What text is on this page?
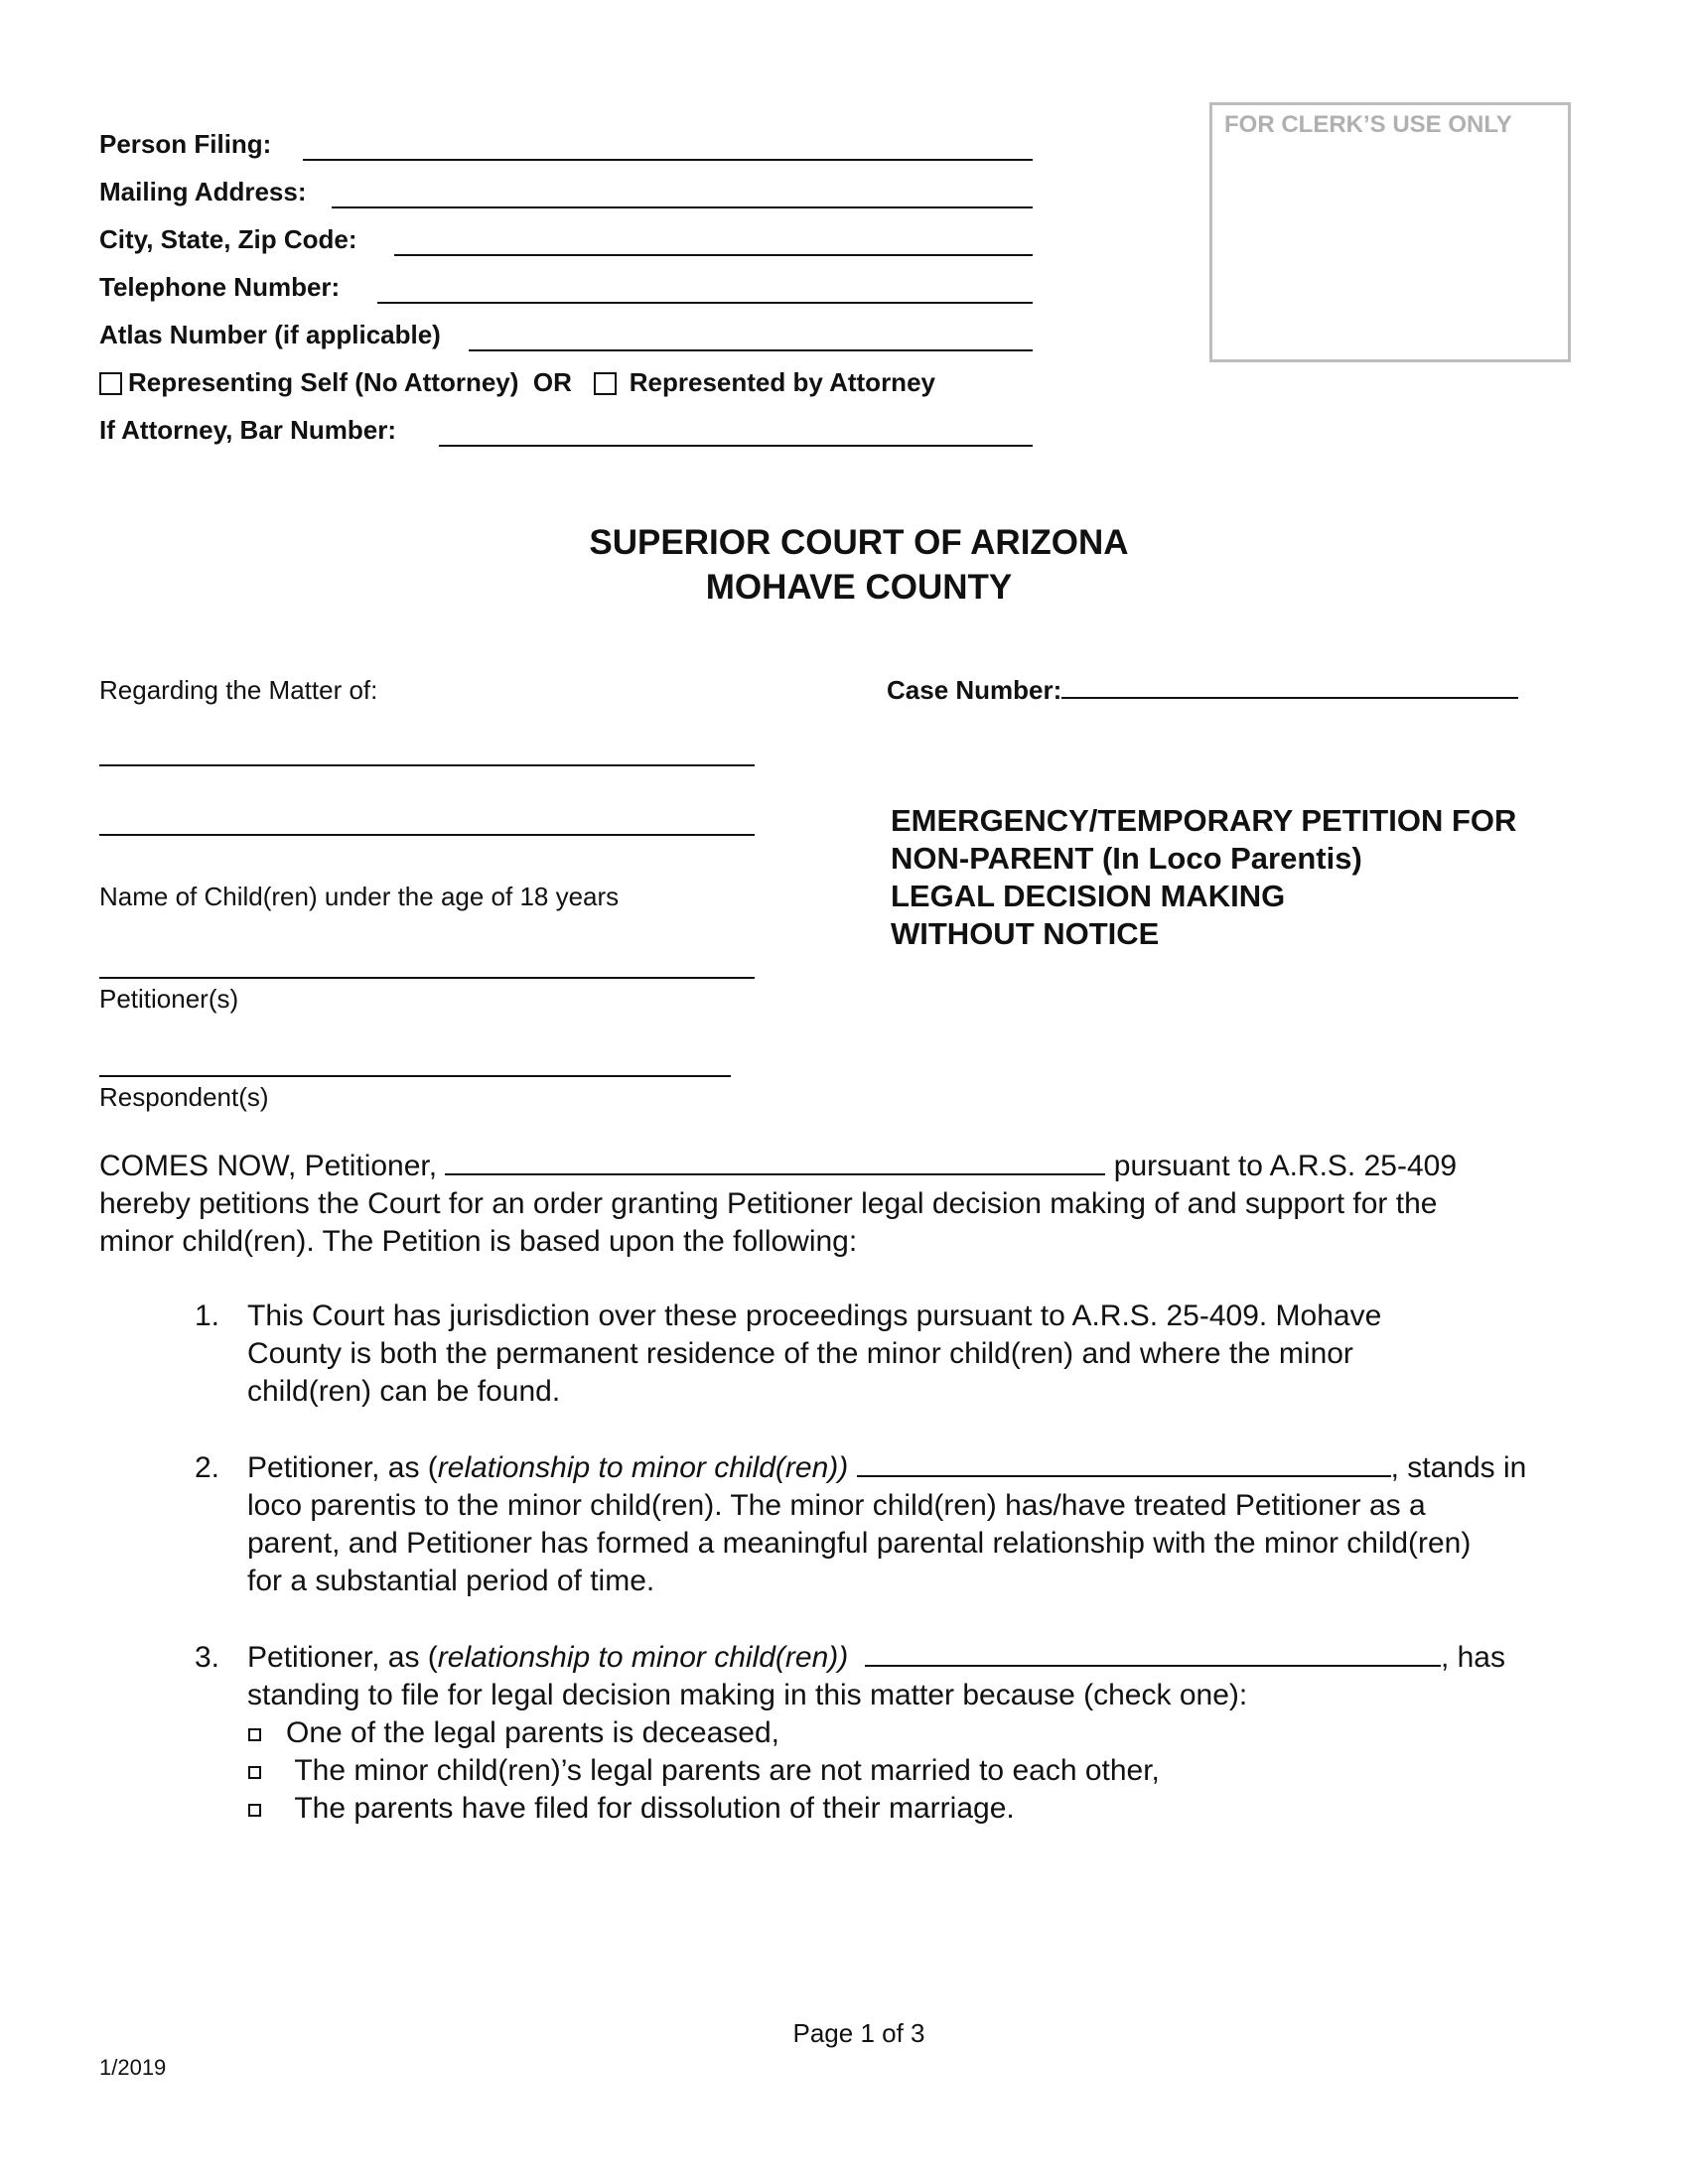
Person Filing:
Mailing Address:
City, State, Zip Code:
Telephone Number:
Atlas Number (if applicable)
Representing Self (No Attorney) OR Represented by Attorney
If Attorney, Bar Number:
FOR CLERK’S USE ONLY
SUPERIOR COURT OF ARIZONA
MOHAVE COUNTY
Regarding the Matter of:
Name of Child(ren) under the age of 18 years
Petitioner(s)
Respondent(s)
Case Number:
EMERGENCY/TEMPORARY PETITION FOR
NON-PARENT (In Loco Parentis)
LEGAL DECISION MAKING
WITHOUT NOTICE
COMES NOW, Petitioner,	pursuant to A.R.S. 25-409
hereby petitions the Court for an order granting Petitioner legal decision making of and support for the
minor child(ren). The Petition is based upon the following:
1. This Court has jurisdiction over these proceedings pursuant to A.R.S. 25-409. Mohave
County is both the permanent residence of the minor child(ren) and where the minor
child(ren) can be found.
2. Petitioner, as (relationship to minor child(ren))	, stands in
loco parentis to the minor child(ren). The minor child(ren) has/have treated Petitioner as a
parent, and Petitioner has formed a meaningful parental relationship with the minor child(ren)
for a substantial period of time.
3. Petitioner, as (relationship to minor child(ren))	, has
standing to file for legal decision making in this matter because (check one):
One of the legal parents is deceased,
The minor child(ren)’s legal parents are not married to each other,
The parents have filed for dissolution of their marriage.
Page 1 of 3
1/2019
